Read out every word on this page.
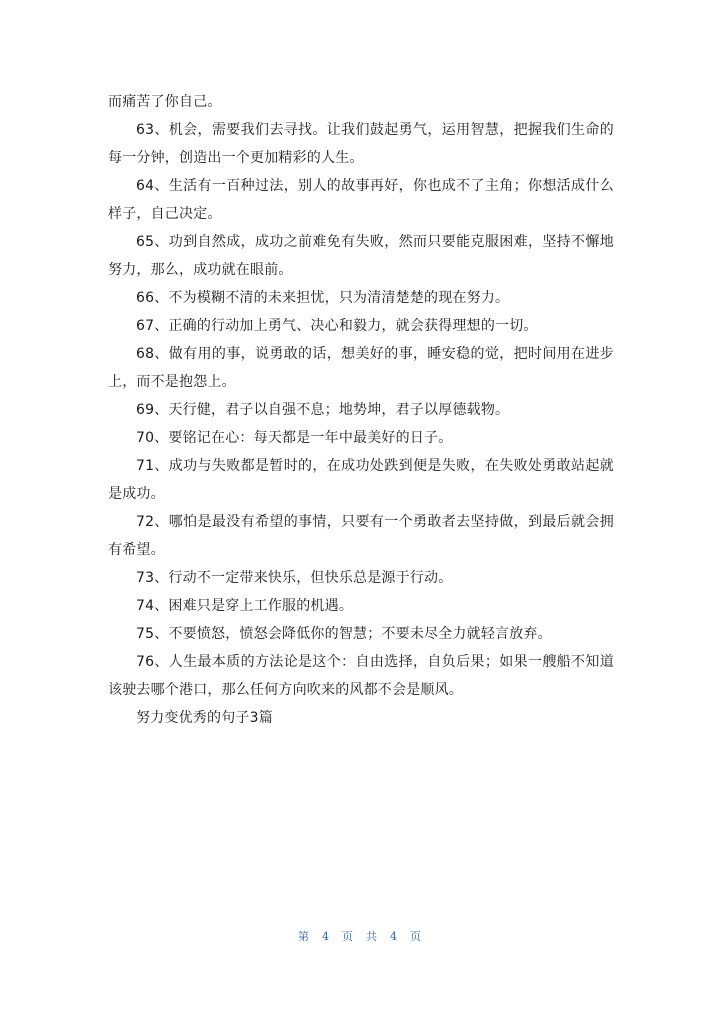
而痛苦了你自己。

63、机会，需要我们去寻找。让我们鼓起勇气，运用智慧，把握我们生命的每一分钟，创造出一个更加精彩的人生。

64、生活有一百种过法，别人的故事再好，你也成不了主角；你想活成什么样子，自己决定。

65、功到自然成，成功之前难免有失败，然而只要能克服困难，坚持不懈地努力，那么，成功就在眼前。

66、不为模糊不清的未来担忧，只为清清楚楚的现在努力。

67、正确的行动加上勇气、决心和毅力，就会获得理想的一切。

68、做有用的事，说勇敢的话，想美好的事，睡安稳的觉，把时间用在进步上，而不是抱怨上。

69、天行健，君子以自强不息；地势坤，君子以厚德载物。

70、要铭记在心：每天都是一年中最美好的日子。

71、成功与失败都是暂时的，在成功处跌到便是失败，在失败处勇敢站起就是成功。

72、哪怕是最没有希望的事情，只要有一个勇敢者去坚持做，到最后就会拥有希望。

73、行动不一定带来快乐，但快乐总是源于行动。

74、困难只是穿上工作服的机遇。

75、不要愤怒，愤怒会降低你的智慧；不要未尽全力就轻言放弃。

76、人生最本质的方法论是这个：自由选择，自负后果；如果一艘船不知道该驶去哪个港口，那么任何方向吹来的风都不会是顺风。

努力变优秀的句子3篇

第 4 页 共 4 页
